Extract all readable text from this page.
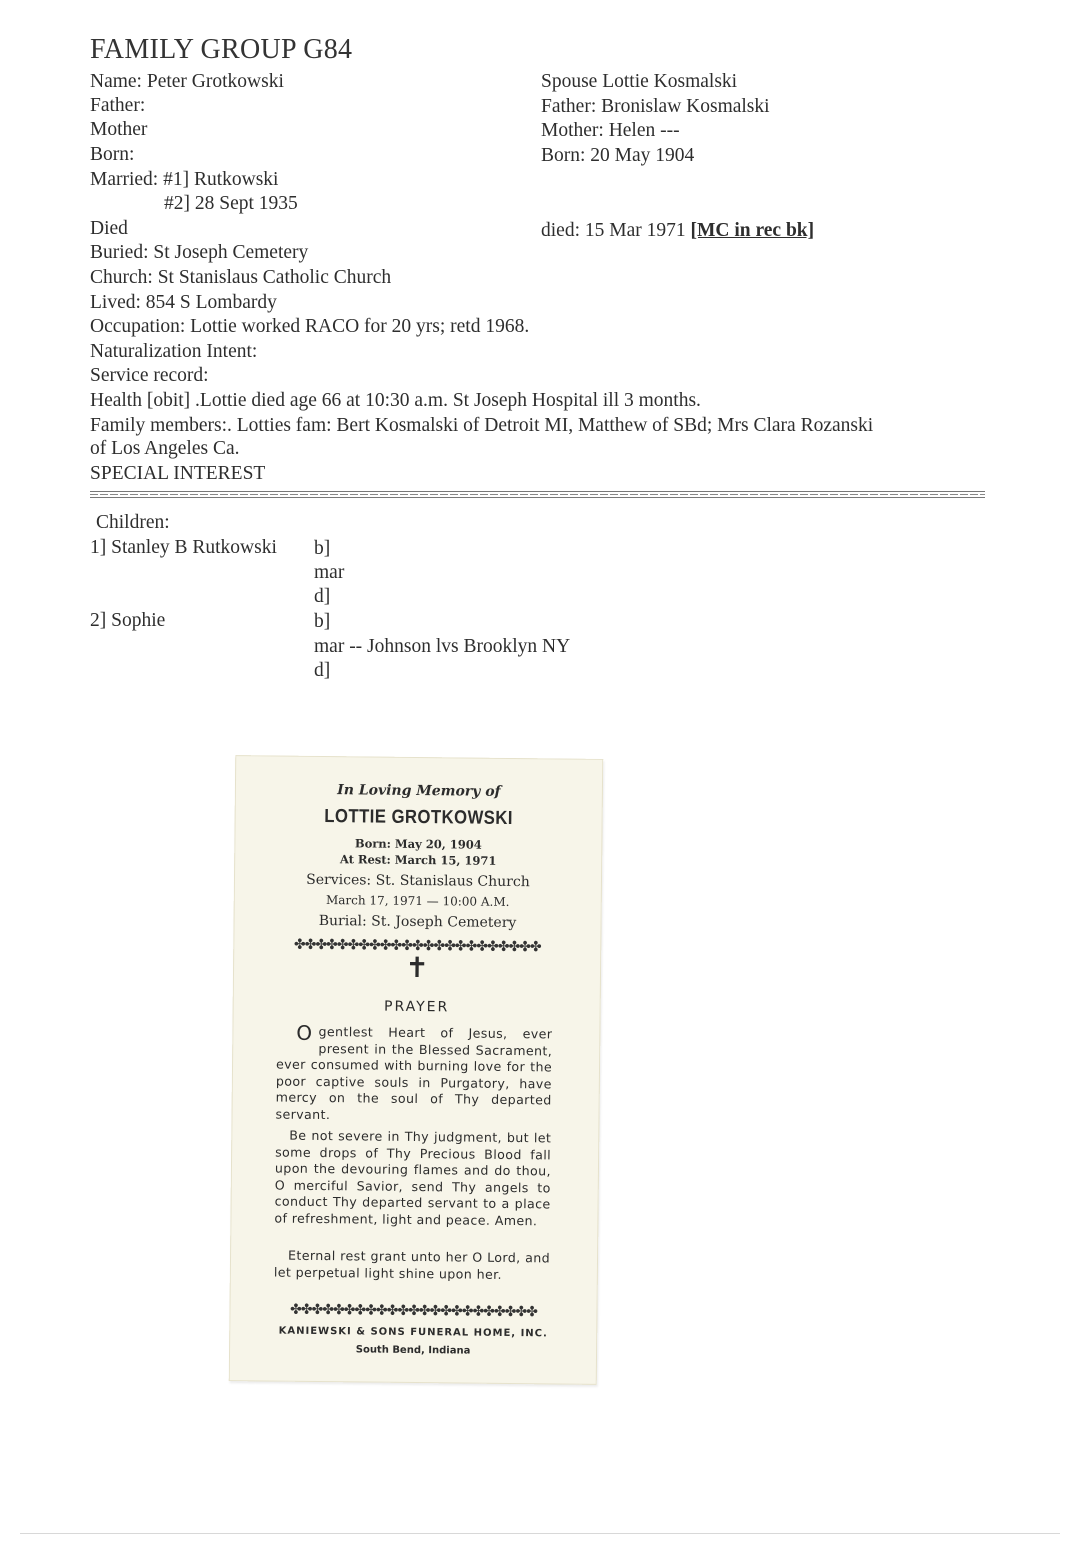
FAMILY GROUP G84
Name: Peter Grotkowski
Father:
Mother
Born:
Married: #1] Rutkowski
#2] 28 Sept 1935
Died
Buried: St Joseph Cemetery
Church: St Stanislaus Catholic Church
Lived: 854 S Lombardy
Occupation: Lottie worked RACO for 20 yrs; retd 1968.
Naturalization Intent:
Service record:
Health [obit] .Lottie died age 66 at 10:30 a.m. St Joseph Hospital ill 3 months.
Family members:. Lotties fam: Bert Kosmalski of Detroit MI, Matthew of SBd; Mrs Clara Rozanski
of Los Angeles Ca.
SPECIAL INTEREST
Spouse Lottie Kosmalski
Father: Bronislaw Kosmalski
Mother: Helen ---
Born: 20 May 1904
died: 15 Mar 1971 [MC in rec bk]
Children:
1] Stanley B Rutkowski b]
mar
d]
2] Sophie	b]
mar -- Johnson lvs Brooklyn NY
d]
In Loving Memory of
LOTTIE GROTKOWSKI
Born: May 20, 1904
At Rest: March 15, 1971
Services: St. Stanislaus Church
March 17, 1971 — 10:00 A.M.
Burial: St. Joseph Cemetery
✤✤✤✤✤✤✤✤✤✤✤✤✤✤✤✤✤✤✤✤✤✤✤
✝
PRAYER
Ogentlest Heart of Jesus, ever present in the Blessed Sacrament, ever consumed with burning love for the poor captive souls in Purgatory, have mercy on the soul of Thy departed servant.
Be not severe in Thy judgment, but let some drops of Thy Precious Blood fall upon the devouring flames and do thou, O merciful Savior, send Thy angels to conduct Thy departed servant to a place of refreshment, light and peace. Amen.
Eternal rest grant unto her O Lord, and let perpetual light shine upon her.
✤✤✤✤✤✤✤✤✤✤✤✤✤✤✤✤✤✤✤✤✤✤✤
KANIEWSKI & SONS FUNERAL HOME, INC.
South Bend, Indiana
